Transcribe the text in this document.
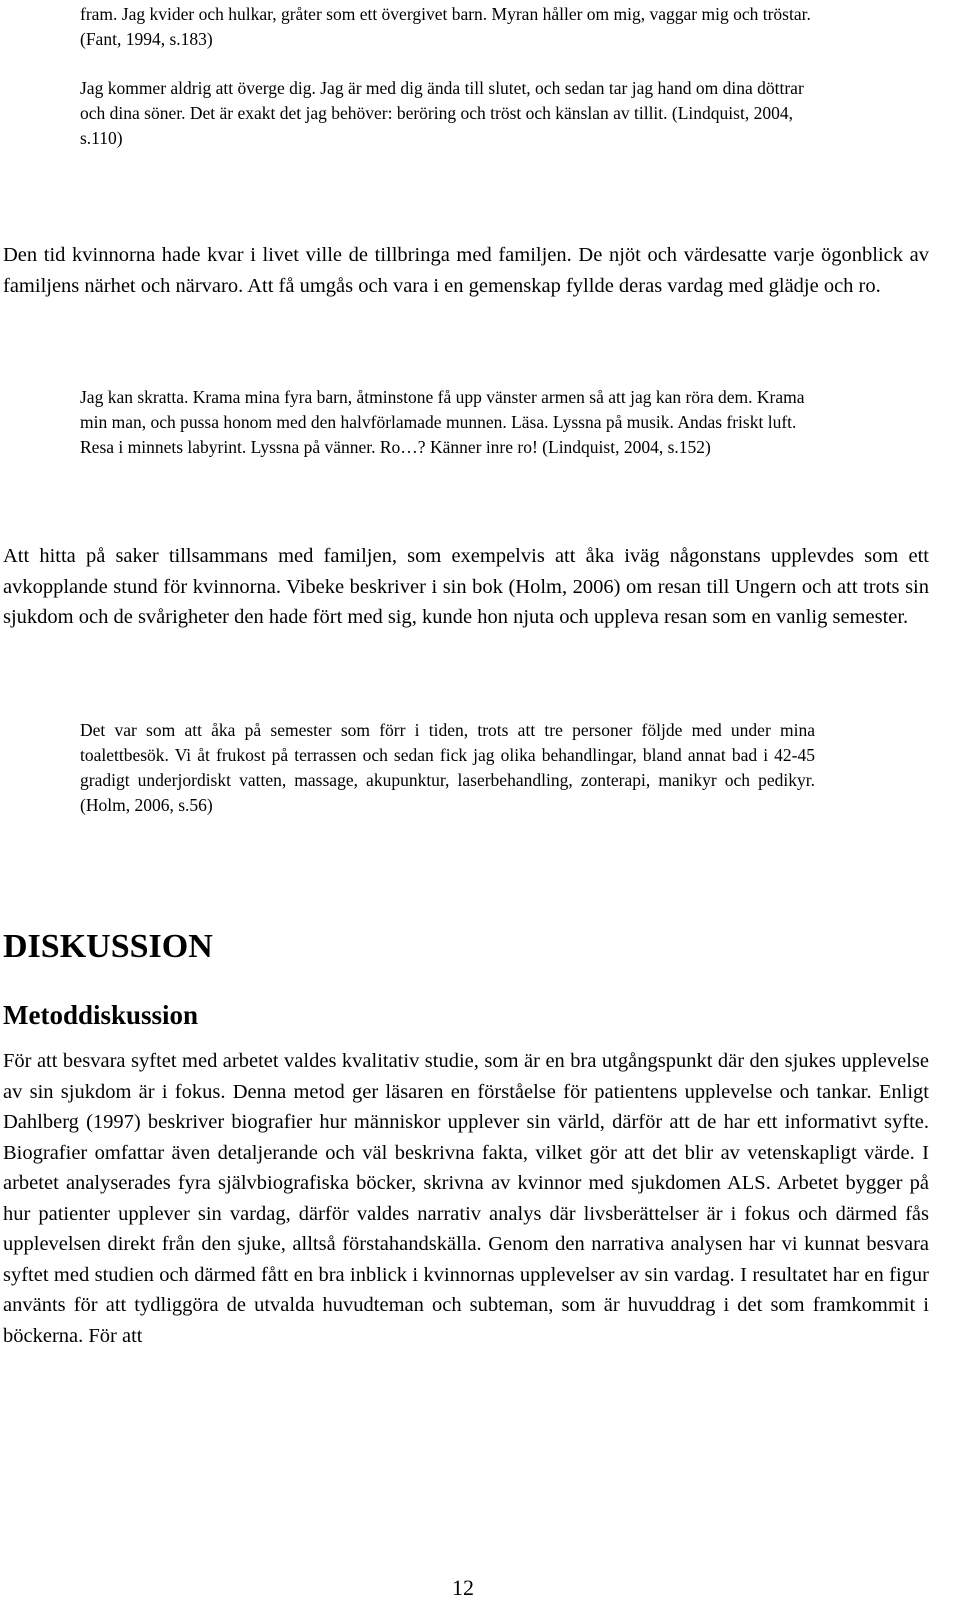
fram. Jag kvider och hulkar, gråter som ett övergivet barn. Myran håller om mig, vaggar mig och tröstar. (Fant, 1994, s.183)

Jag kommer aldrig att överge dig. Jag är med dig ända till slutet, och sedan tar jag hand om dina döttrar och dina söner. Det är exakt det jag behöver: beröring och tröst och känslan av tillit. (Lindquist, 2004, s.110)

Den tid kvinnorna hade kvar i livet ville de tillbringa med familjen. De njöt och värdesatte varje ögonblick av familjens närhet och närvaro. Att få umgås och vara i en gemenskap fyllde deras vardag med glädje och ro.

Jag kan skratta. Krama mina fyra barn, åtminstone få upp vänster armen så att jag kan röra dem. Krama min man, och pussa honom med den halvförlamade munnen. Läsa. Lyssna på musik. Andas friskt luft. Resa i minnets labyrint. Lyssna på vänner. Ro…? Känner inre ro! (Lindquist, 2004, s.152)

Att hitta på saker tillsammans med familjen, som exempelvis att åka iväg någonstans upplevdes som ett avkopplande stund för kvinnorna. Vibeke beskriver i sin bok (Holm, 2006) om resan till Ungern och att trots sin sjukdom och de svårigheter den hade fört med sig, kunde hon njuta och uppleva resan som en vanlig semester.

Det var som att åka på semester som förr i tiden, trots att tre personer följde med under mina toalettbesök. Vi åt frukost på terrassen och sedan fick jag olika behandlingar, bland annat bad i 42-45 gradigt underjordiskt vatten, massage, akupunktur, laserbehandling, zonterapi, manikyr och pedikyr. (Holm, 2006, s.56)

DISKUSSION
Metoddiskussion

För att besvara syftet med arbetet valdes kvalitativ studie, som är en bra utgångspunkt där den sjukes upplevelse av sin sjukdom är i fokus. Denna metod ger läsaren en förståelse för patientens upplevelse och tankar. Enligt Dahlberg (1997) beskriver biografier hur människor upplever sin värld, därför att de har ett informativt syfte. Biografier omfattar även detaljerande och väl beskrivna fakta, vilket gör att det blir av vetenskapligt värde. I arbetet analyserades fyra självbiografiska böcker, skrivna av kvinnor med sjukdomen ALS. Arbetet bygger på hur patienter upplever sin vardag, därför valdes narrativ analys där livsberättelser är i fokus och därmed fås upplevelsen direkt från den sjuke, alltså förstahandskälla. Genom den narrativa analysen har vi kunnat besvara syftet med studien och därmed fått en bra inblick i kvinnornas upplevelser av sin vardag. I resultatet har en figur använts för att tydliggöra de utvalda huvudteman och subteman, som är huvuddrag i det som framkommit i böckerna. För att

12
